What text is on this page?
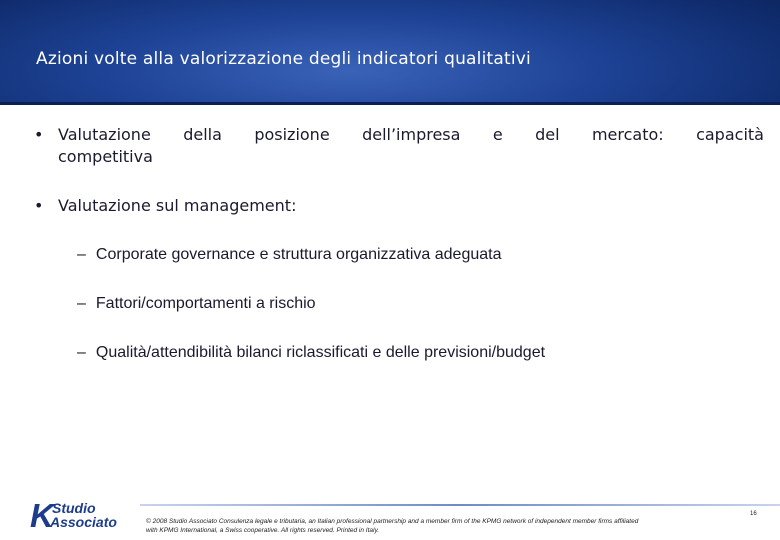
Azioni volte alla valorizzazione degli indicatori qualitativi
• Valutazione della posizione dell’impresa e del mercato: capacità
competitiva
• Valutazione sul management:
– Corporate governance e struttura organizzativa adeguata
– Fattori/comportamenti a rischio
– Qualità/attendibilità bilanci riclassificati e delle previsioni/budget
K
Studio
Associato	© 2008 Studio Associato Consulenza legale e tributaria, an Italian professional partnership and a member firm of the KPMG network of independent member firms affiliated with KPMG International, a Swiss cooperative. All rights reserved. Printed in Italy.
16
